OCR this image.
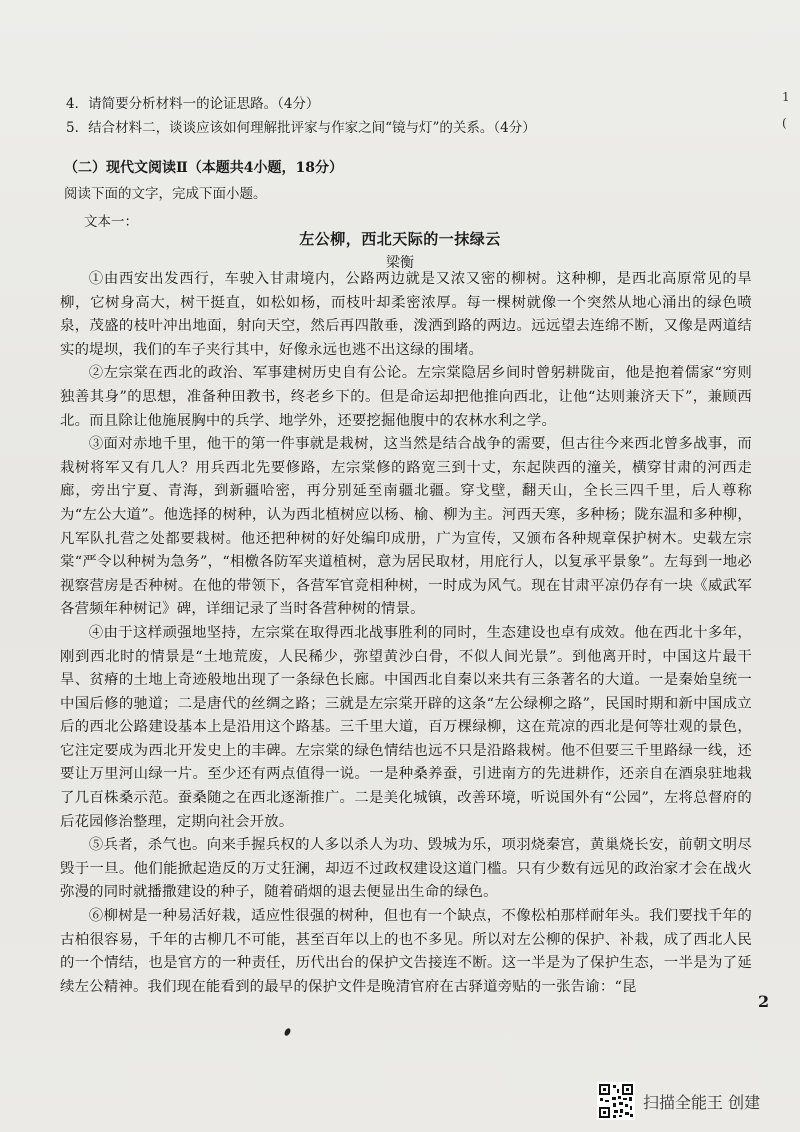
4．请简要分析材料一的论证思路。（4分）
5．结合材料二，谈谈应该如何理解批评家与作家之间“镜与灯”的关系。（4分）
1
(
（二）现代文阅读Ⅱ（本题共4小题，18分）
阅读下面的文字，完成下面小题。
文本一：
左公柳，西北天际的一抹绿云
梁衡

①由西安出发西行，车驶入甘肃境内，公路两边就是又浓又密的柳树。这种柳，是西北高原常见的旱柳，它树身高大，树干挺直，如松如杨，而枝叶却柔密浓厚。每一棵树就像一个突然从地心涌出的绿色喷泉，茂盛的枝叶冲出地面，射向天空，然后再四散垂，泼洒到路的两边。远远望去连绵不断，又像是两道结实的堤坝，我们的车子夹行其中，好像永远也逃不出这绿的围堵。

②左宗棠在西北的政治、军事建树历史自有公论。左宗棠隐居乡间时曾躬耕陇亩，他是抱着儒家“穷则独善其身”的思想，准备种田教书，终老乡下的。但是命运却把他推向西北，让他“达则兼济天下”，兼顾西北。而且除让他施展胸中的兵学、地学外，还要挖掘他腹中的农林水利之学。

③面对赤地千里，他干的第一件事就是栽树，这当然是结合战争的需要，但古往今来西北曾多战事，而栽树将军又有几人？用兵西北先要修路，左宗棠修的路宽三到十丈，东起陕西的潼关，横穿甘肃的河西走廊，旁出宁夏、青海，到新疆哈密，再分别延至南疆北疆。穿戈壁，翻天山，全长三四千里，后人尊称为“左公大道”。他选择的树种，认为西北植树应以杨、榆、柳为主。河西天寒，多种杨；陇东温和多种柳，凡军队扎营之处都要栽树。他还把种树的好处编印成册，广为宣传，又颁布各种规章保护树木。史载左宗棠“严令以种树为急务”，“相檄各防军夹道植树，意为居民取材，用庇行人，以复承平景象”。左每到一地必视察营房是否种树。在他的带领下，各营军官竞相种树，一时成为风气。现在甘肃平凉仍存有一块《威武军各营频年种树记》碑，详细记录了当时各营种树的情景。

④由于这样顽强地坚持，左宗棠在取得西北战事胜利的同时，生态建设也卓有成效。他在西北十多年，刚到西北时的情景是“土地荒废，人民稀少，弥望黄沙白骨，不似人间光景”。到他离开时，中国这片最干旱、贫瘠的土地上奇迹般地出现了一条绿色长廊。中国西北自秦以来共有三条著名的大道。一是秦始皇统一中国后修的驰道；二是唐代的丝绸之路；三就是左宗棠开辟的这条“左公绿柳之路”，民国时期和新中国成立后的西北公路建设基本上是沿用这个路基。三千里大道，百万棵绿柳，这在荒凉的西北是何等壮观的景色，它注定要成为西北开发史上的丰碑。左宗棠的绿色情结也远不只是沿路栽树。他不但要三千里路绿一线，还要让万里河山绿一片。至少还有两点值得一说。一是种桑养蚕，引进南方的先进耕作，还亲自在酒泉驻地栽了几百株桑示范。蚕桑随之在西北逐渐推广。二是美化城镇，改善环境，听说国外有“公园”，左将总督府的后花园修治整理，定期向社会开放。

⑤兵者，杀气也。向来手握兵权的人多以杀人为功、毁城为乐，项羽烧秦宫，黄巢烧长安，前朝文明尽毁于一旦。他们能掀起造反的万丈狂澜，却迈不过政权建设这道门槛。只有少数有远见的政治家才会在战火弥漫的同时就播撒建设的种子，随着硝烟的退去便显出生命的绿色。

⑥柳树是一种易活好栽，适应性很强的树种，但也有一个缺点，不像松柏那样耐年头。我们要找千年的古柏很容易，千年的古柳几不可能，甚至百年以上的也不多见。所以对左公柳的保护、补栽，成了西北人民的一个情结，也是官方的一种责任，历代出台的保护文告接连不断。这一半是为了保护生态，一半是为了延续左公精神。我们现在能看到的最早的保护文件是晚清官府在古驿道旁贴的一张告谕：“昆

2
扫描全能王 创建
